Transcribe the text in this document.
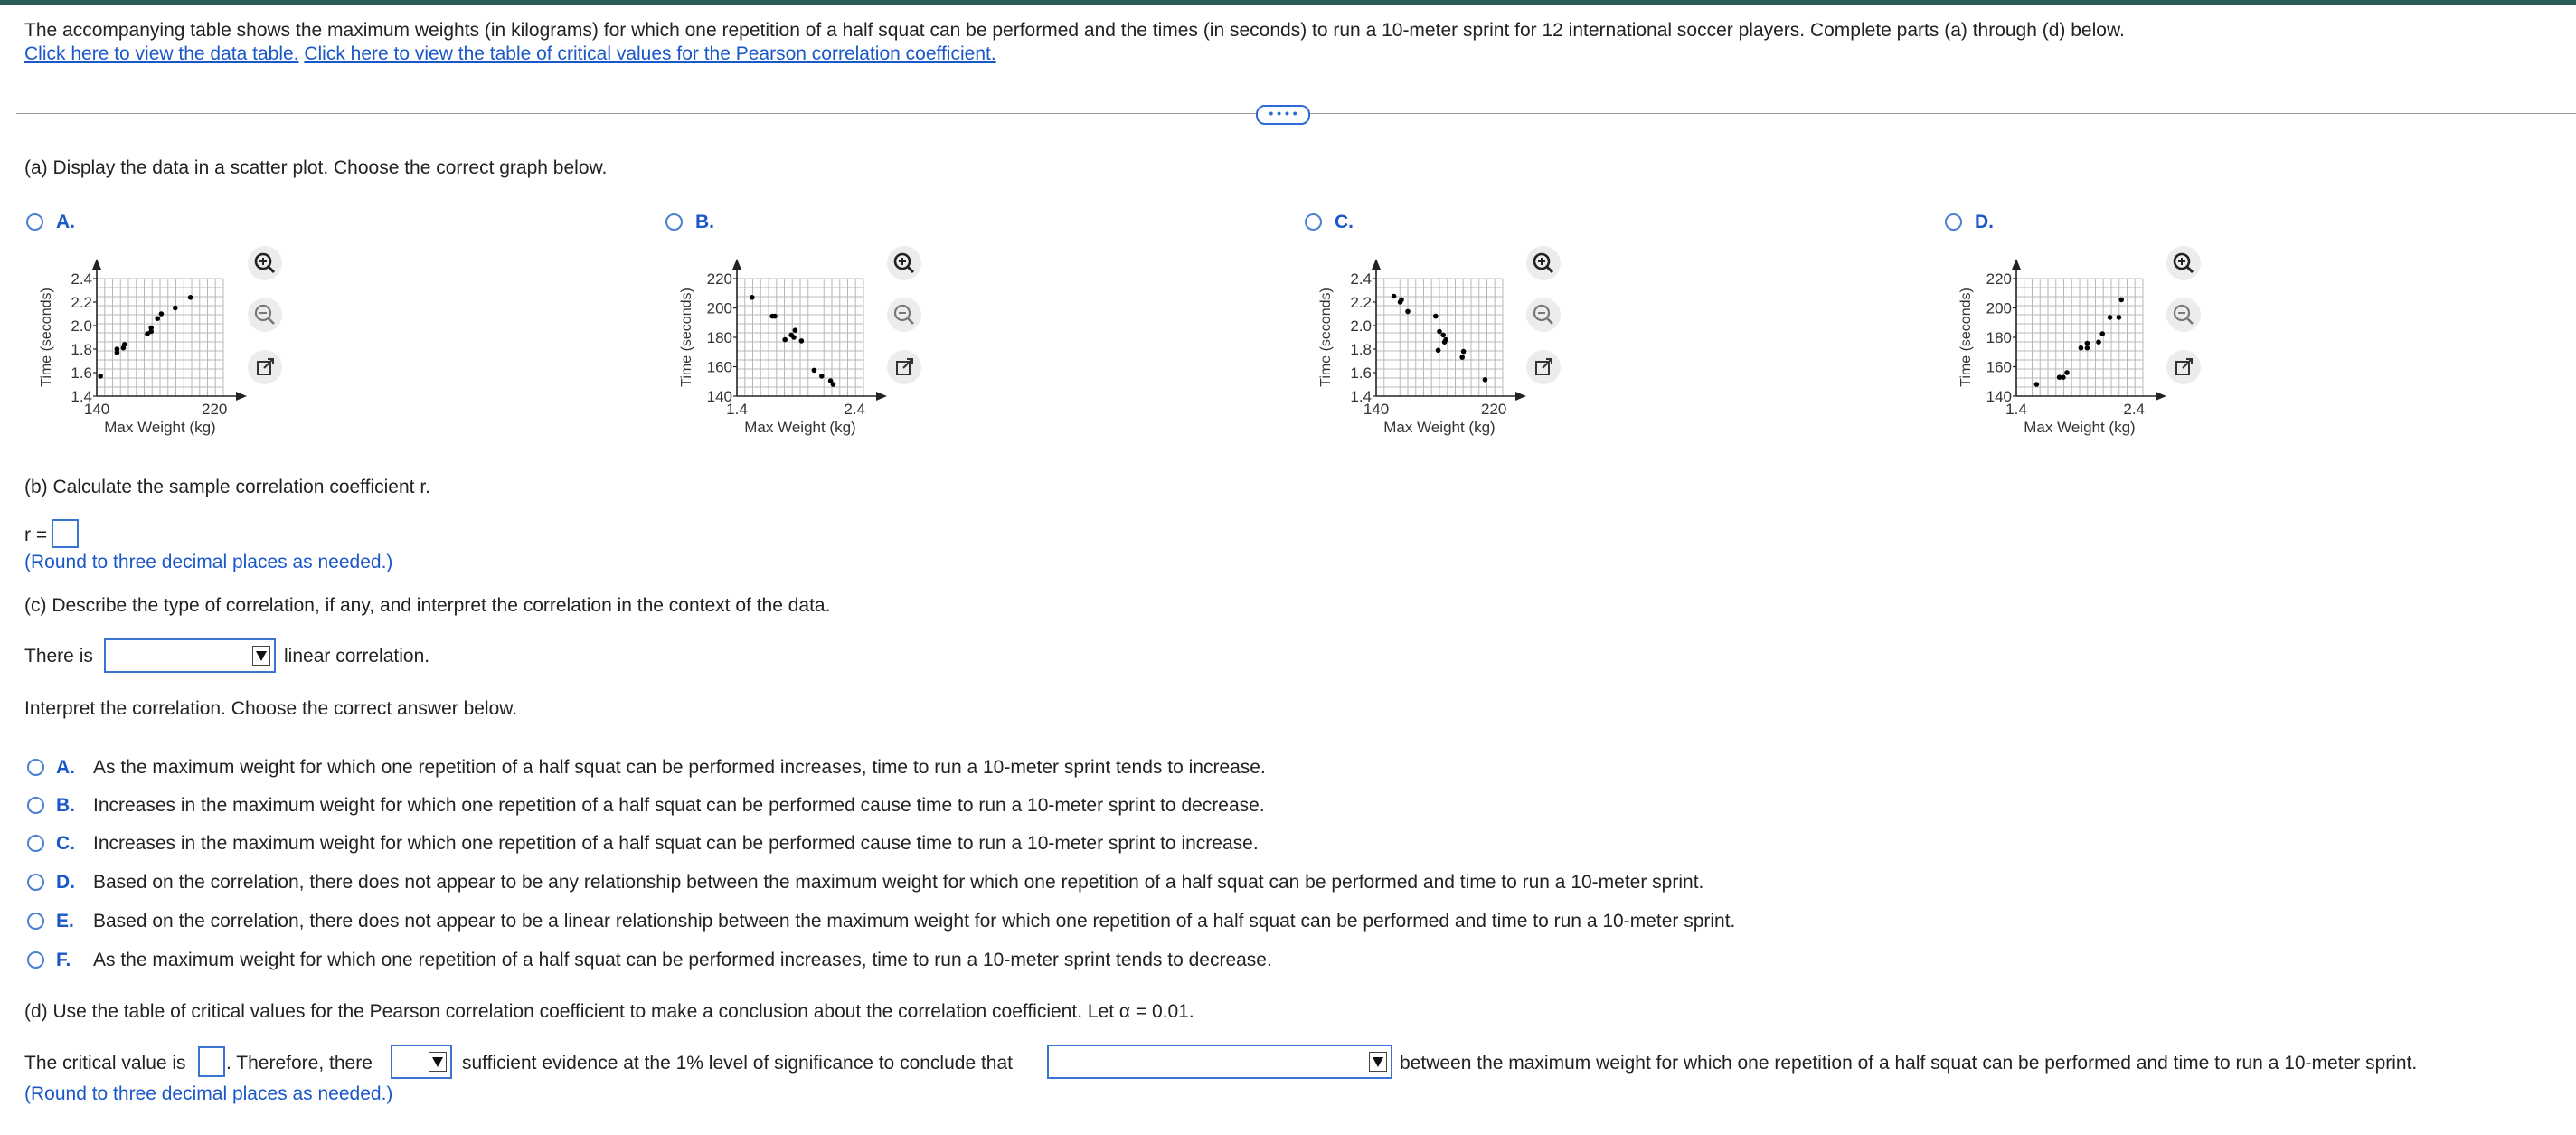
The accompanying table shows the maximum weights (in kilograms) for which one repetition of a half squat can be performed and the times (in seconds) to run a 10-meter sprint for 12 international soccer players. Complete parts (a) through (d) below.
Click here to view the data table. Click here to view the table of critical values for the Pearson correlation coefficient.
• • • •
(a) Display the data in a scatter plot. Choose the correct graph below.
A.
2.4
2.2
2.0
1.8
1.6
1.4
140	220
Max Weight (kg)
Time (seconds)
B.
220
200
180
160
140
1.4	2.4
Max Weight (kg)
Time (seconds)
C.
2.4
2.2
2.0
1.8
1.6
1.4
140	220
Max Weight (kg)
Time (seconds)
D.
220
200
180
160
140
1.4	2.4
Max Weight (kg)
Time (seconds)
(b) Calculate the sample correlation coefficient r.
r =
(Round to three decimal places as needed.)
(c) Describe the type of correlation, if any, and interpret the correlation in the context of the data.
There is	linear correlation.
Interpret the correlation. Choose the correct answer below.
A. As the maximum weight for which one repetition of a half squat can be performed increases, time to run a 10-meter sprint tends to increase.
B. Increases in the maximum weight for which one repetition of a half squat can be performed cause time to run a 10-meter sprint to decrease.
C. Increases in the maximum weight for which one repetition of a half squat can be performed cause time to run a 10-meter sprint to increase.
D. Based on the correlation, there does not appear to be any relationship between the maximum weight for which one repetition of a half squat can be performed and time to run a 10-meter sprint.
E. Based on the correlation, there does not appear to be a linear relationship between the maximum weight for which one repetition of a half squat can be performed and time to run a 10-meter sprint.
F. As the maximum weight for which one repetition of a half squat can be performed increases, time to run a 10-meter sprint tends to decrease.
(d) Use the table of critical values for the Pearson correlation coefficient to make a conclusion about the correlation coefficient. Let α = 0.01.
The critical value is . Therefore, there	sufficient evidence at the 1% level of significance to conclude that	between the maximum weight for which one repetition of a half squat can be performed and time to run a 10-meter sprint.
(Round to three decimal places as needed.)
